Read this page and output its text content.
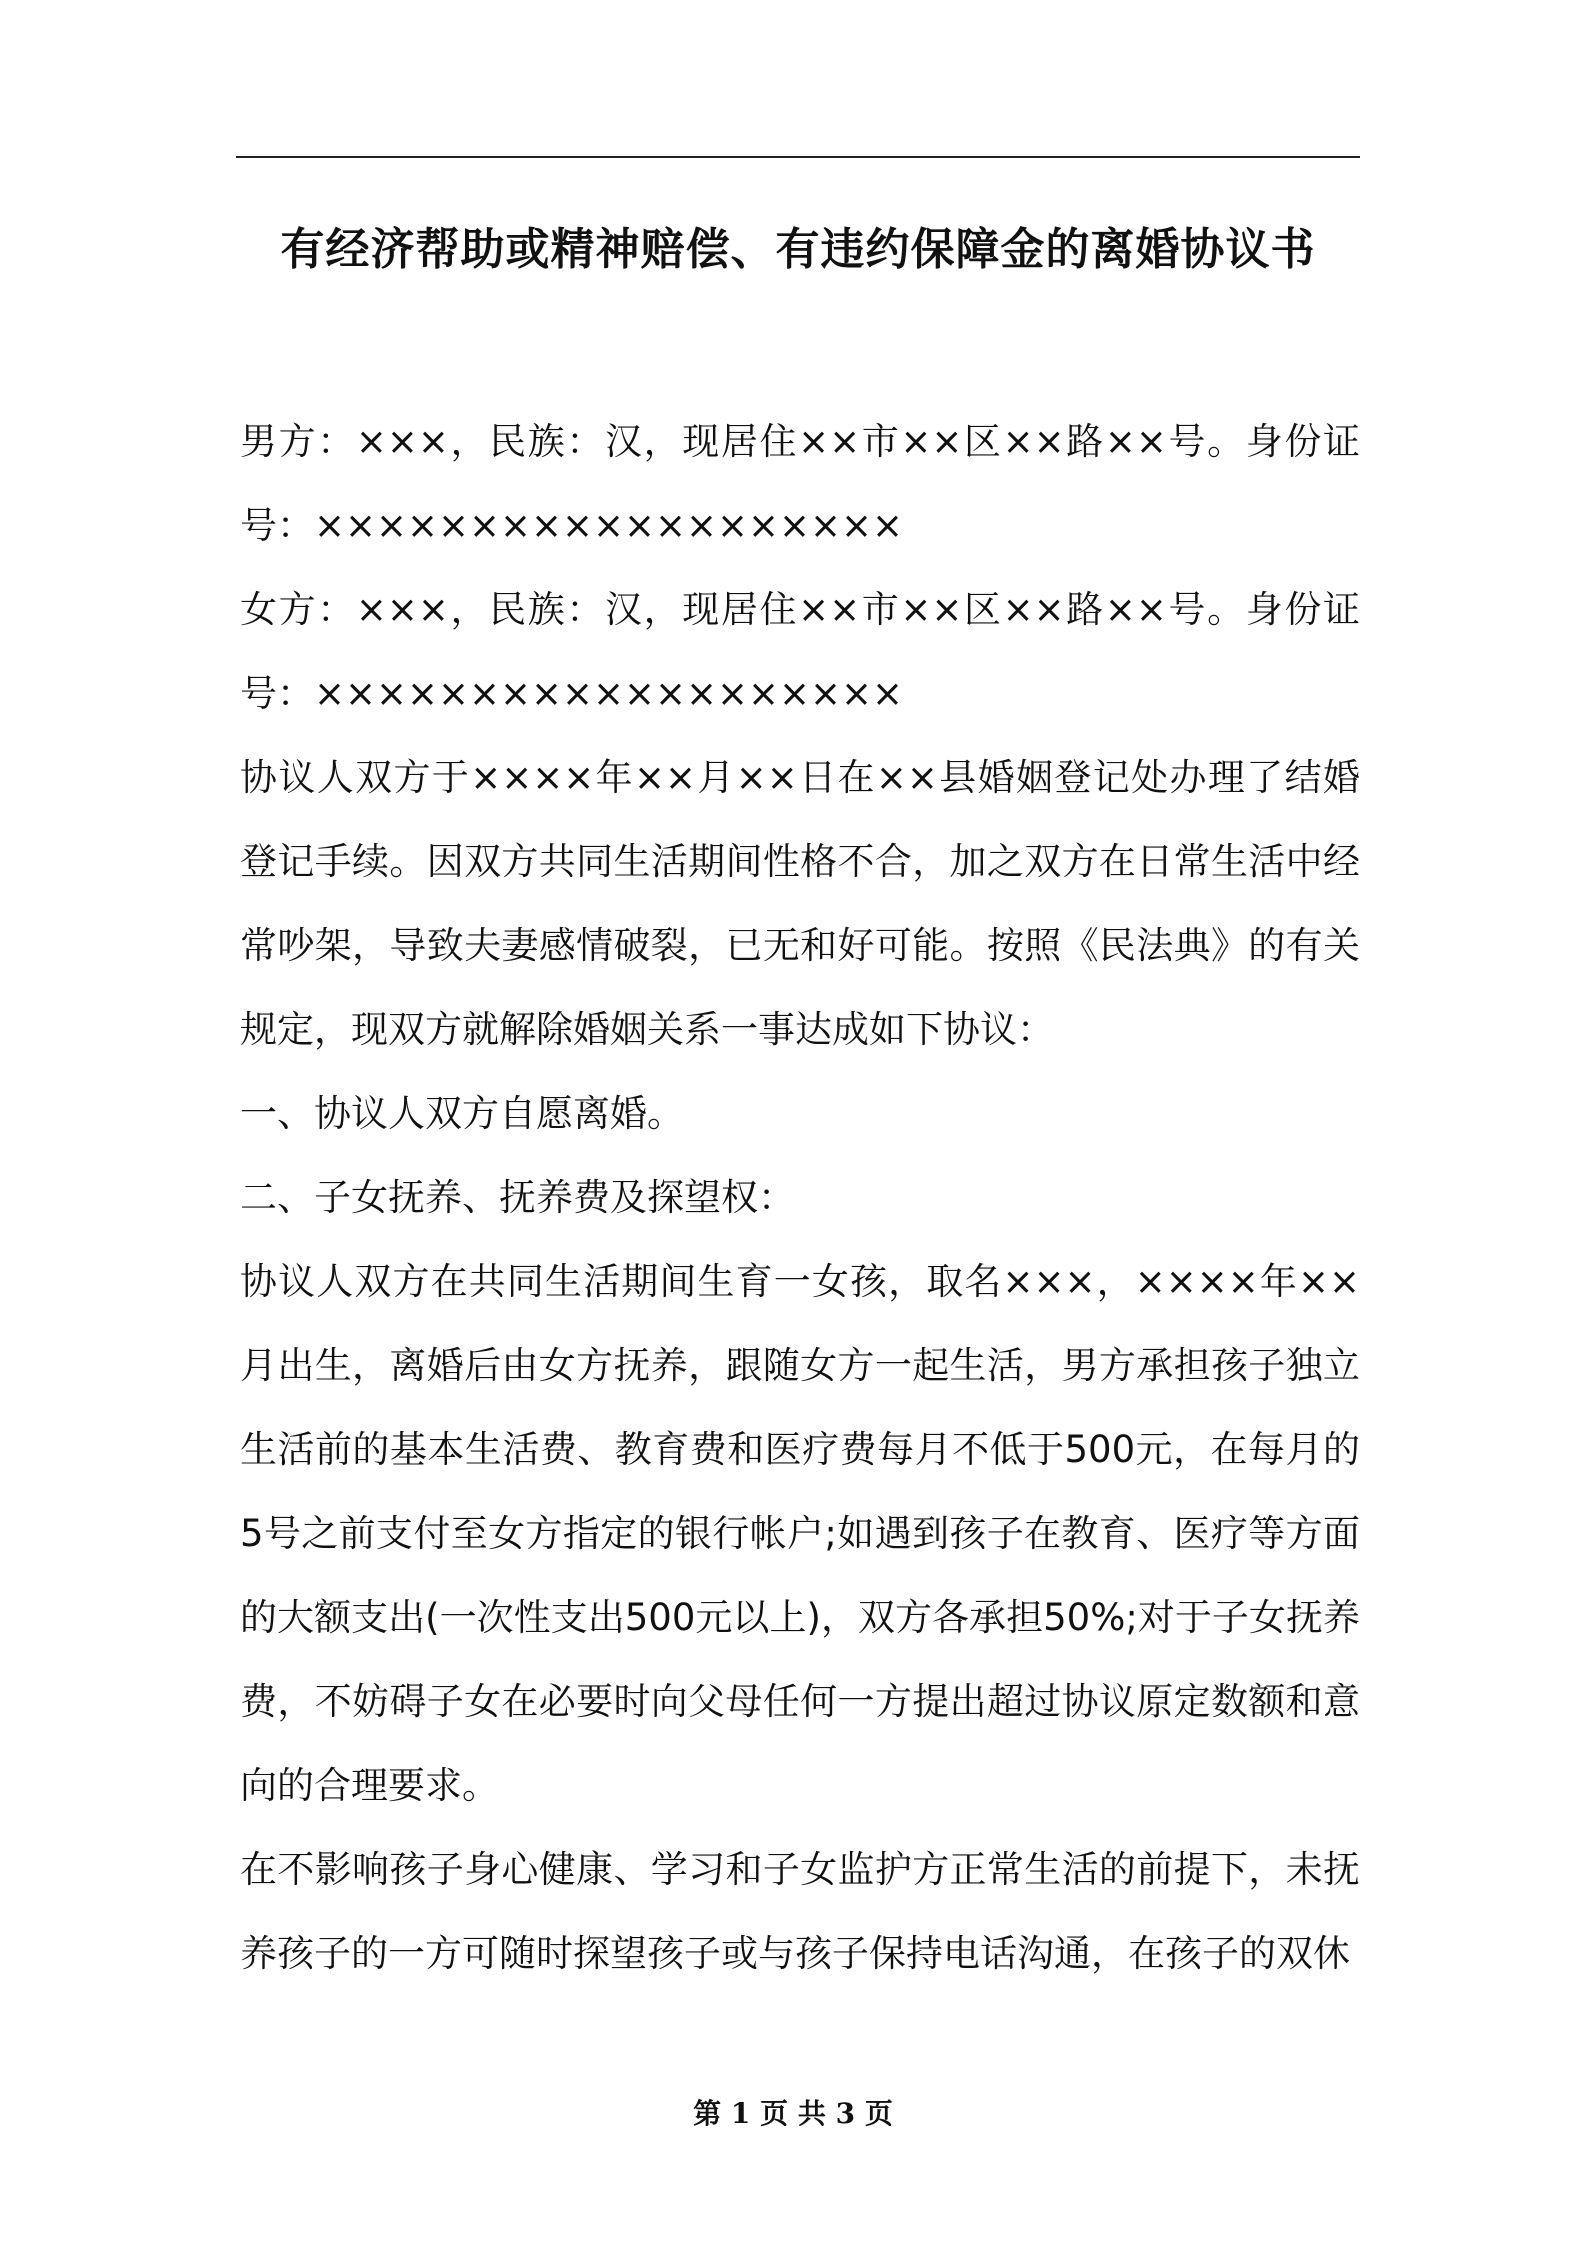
有经济帮助或精神赔偿、有违约保障金的离婚协议书

男方：×××，民族：汉，现居住××市××区××路××号。身份证号：×××××××××××××××××××

女方：×××，民族：汉，现居住××市××区××路××号。身份证号：×××××××××××××××××××

协议人双方于××××年××月××日在××县婚姻登记处办理了结婚登记手续。因双方共同生活期间性格不合，加之双方在日常生活中经常吵架，导致夫妻感情破裂，已无和好可能。按照《民法典》的有关规定，现双方就解除婚姻关系一事达成如下协议：

一、协议人双方自愿离婚。

二、子女抚养、抚养费及探望权：

协议人双方在共同生活期间生育一女孩，取名×××，××××年××月出生，离婚后由女方抚养，跟随女方一起生活，男方承担孩子独立生活前的基本生活费、教育费和医疗费每月不低于500元，在每月的5号之前支付至女方指定的银行帐户;如遇到孩子在教育、医疗等方面的大额支出(一次性支出500元以上)，双方各承担50%;对于子女抚养费，不妨碍子女在必要时向父母任何一方提出超过协议原定数额和意向的合理要求。

在不影响孩子身心健康、学习和子女监护方正常生活的前提下，未抚养孩子的一方可随时探望孩子或与孩子保持电话沟通，在孩子的双休

第 1 页 共 3 页
